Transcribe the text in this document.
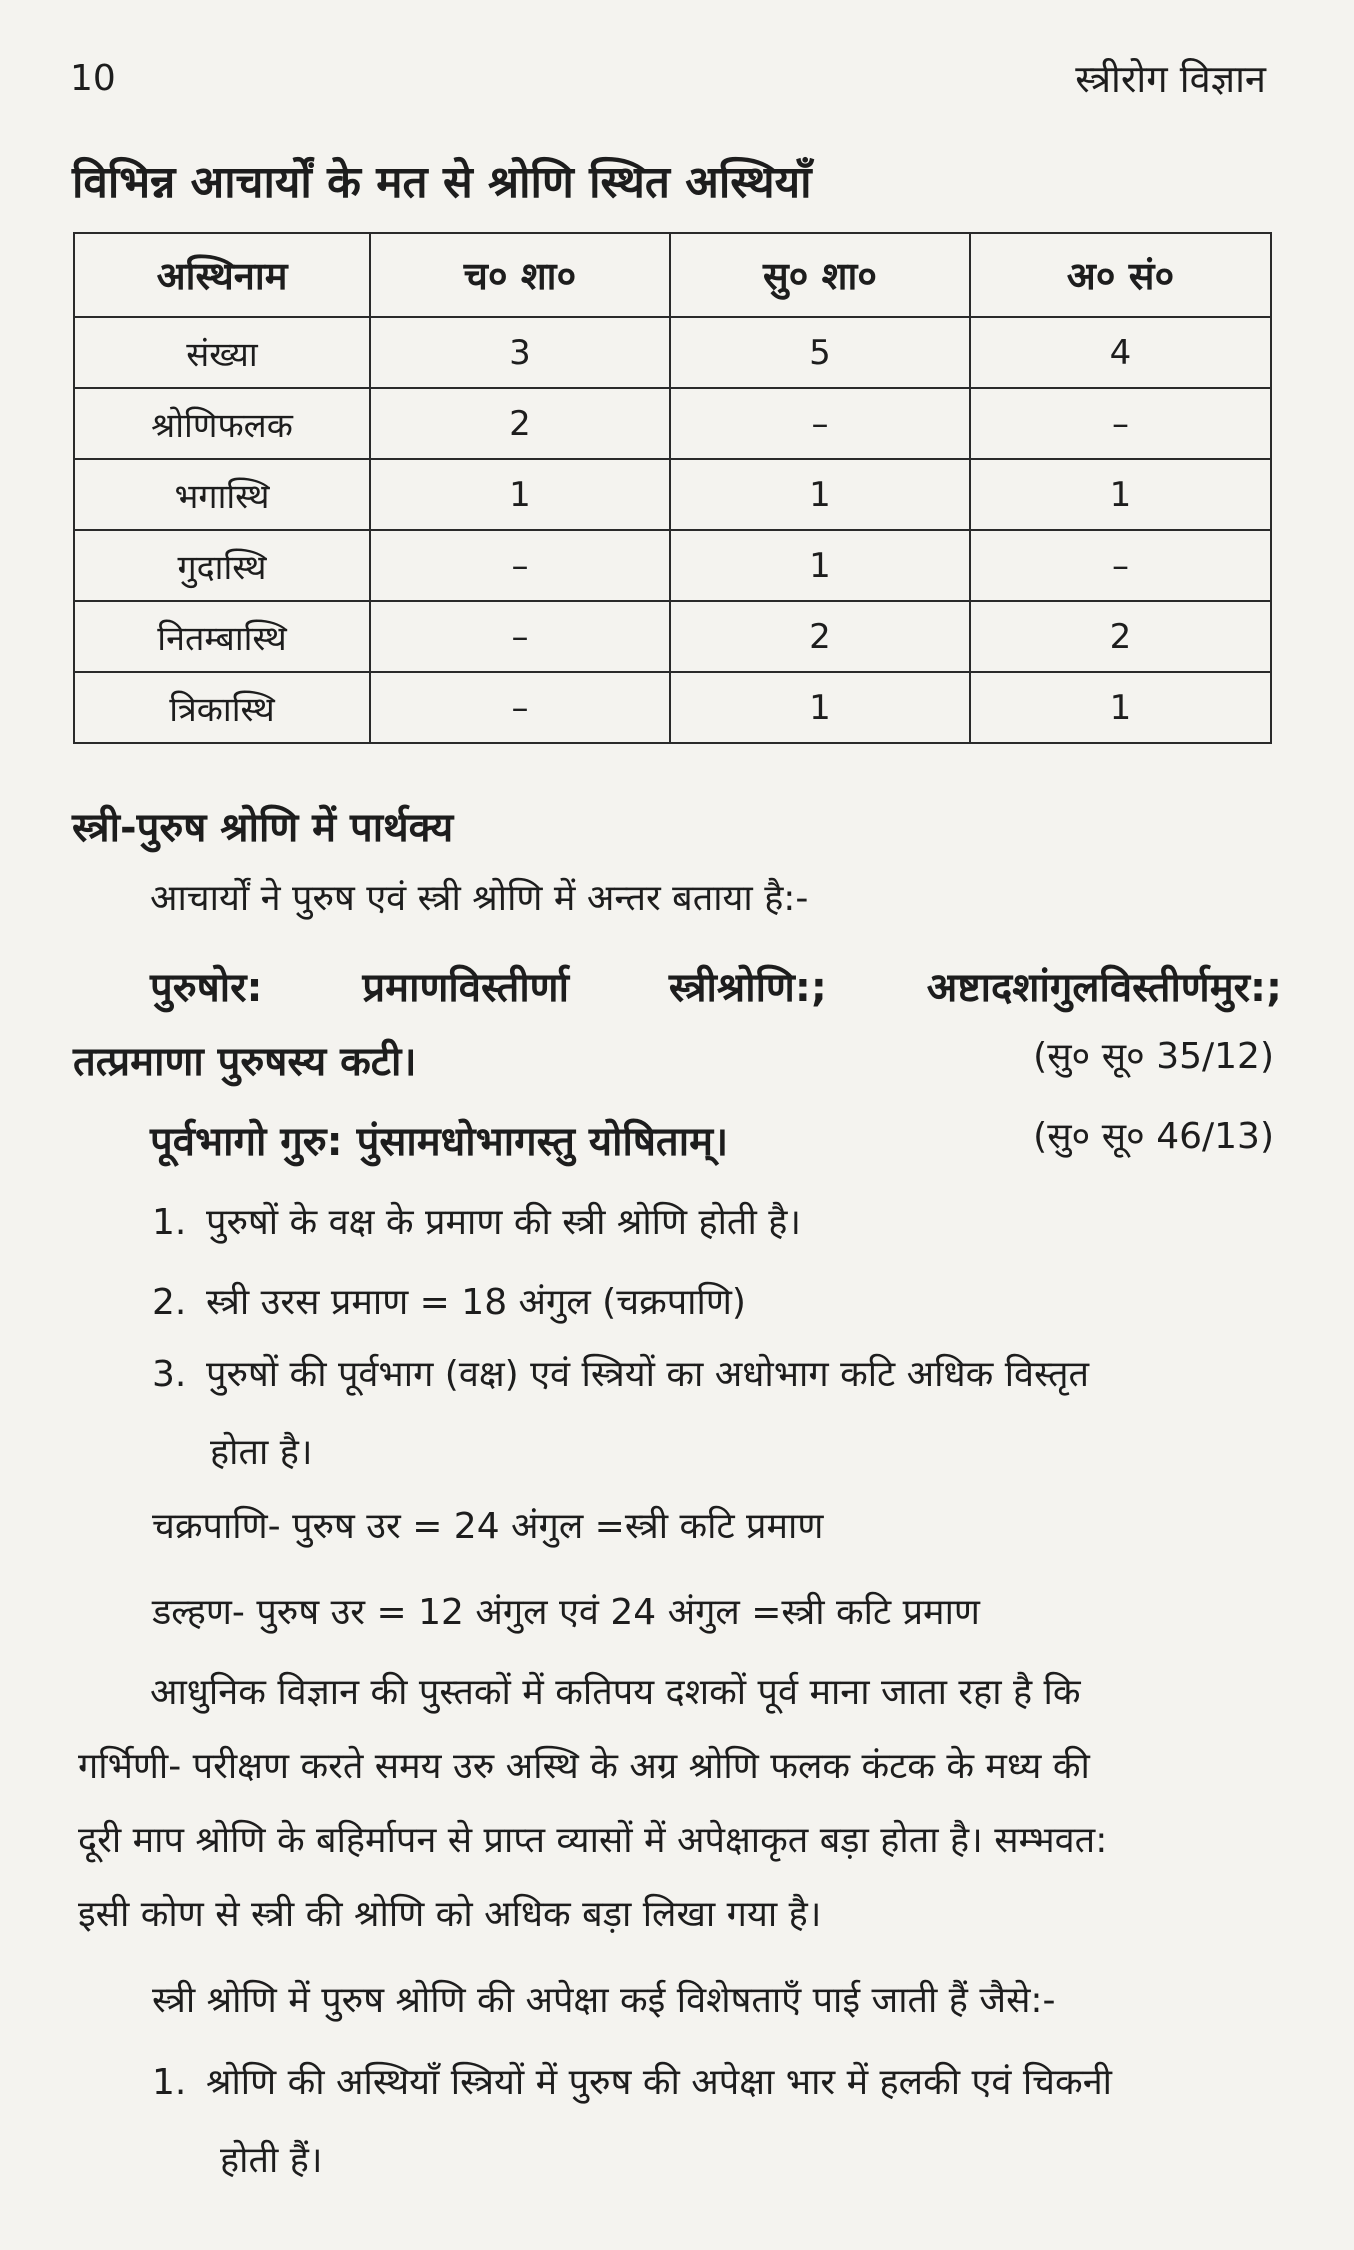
10	स्त्रीरोग विज्ञान
विभिन्न आचार्यों के मत से श्रोणि स्थित अस्थियाँ
अस्थिनाम	च० शा०	सु० शा०	अ० सं०
संख्या	3	5	4
श्रोणिफलक	2	–	–
भगास्थि	1	1	1
गुदास्थि	–	1	–
नितम्बास्थि	–	2	2
त्रिकास्थि	–	1	1
स्त्री-पुरुष श्रोणि में पार्थक्य
आचार्यों ने पुरुष एवं स्त्री श्रोणि में अन्तर बताया है:-
पुरुषोर: प्रमाणविस्तीर्णा स्त्रीश्रोणि:; अष्टादशांगुलविस्तीर्णमुर:;
तत्प्रमाणा पुरुषस्य कटी।	(सु० सू० 35/12)
पूर्वभागो गुरु: पुंसामधोभागस्तु योषिताम्।	(सु० सू० 46/13)
1. पुरुषों के वक्ष के प्रमाण की स्त्री श्रोणि होती है।
2. स्त्री उरस प्रमाण = 18 अंगुल (चक्रपाणि)
3. पुरुषों की पूर्वभाग (वक्ष) एवं स्त्रियों का अधोभाग कटि अधिक विस्तृत
होता है।
चक्रपाणि- पुरुष उर = 24 अंगुल =स्त्री कटि प्रमाण
डल्हण- पुरुष उर = 12 अंगुल एवं 24 अंगुल =स्त्री कटि प्रमाण
आधुनिक विज्ञान की पुस्तकों में कतिपय दशकों पूर्व माना जाता रहा है कि
गर्भिणी- परीक्षण करते समय उरु अस्थि के अग्र श्रोणि फलक कंटक के मध्य की
दूरी माप श्रोणि के बहिर्मापन से प्राप्त व्यासों में अपेक्षाकृत बड़ा होता है। सम्भवत:
इसी कोण से स्त्री की श्रोणि को अधिक बड़ा लिखा गया है।
स्त्री श्रोणि में पुरुष श्रोणि की अपेक्षा कई विशेषताएँ पाई जाती हैं जैसे:-
1. श्रोणि की अस्थियाँ स्त्रियों में पुरुष की अपेक्षा भार में हलकी एवं चिकनी
होती हैं।
